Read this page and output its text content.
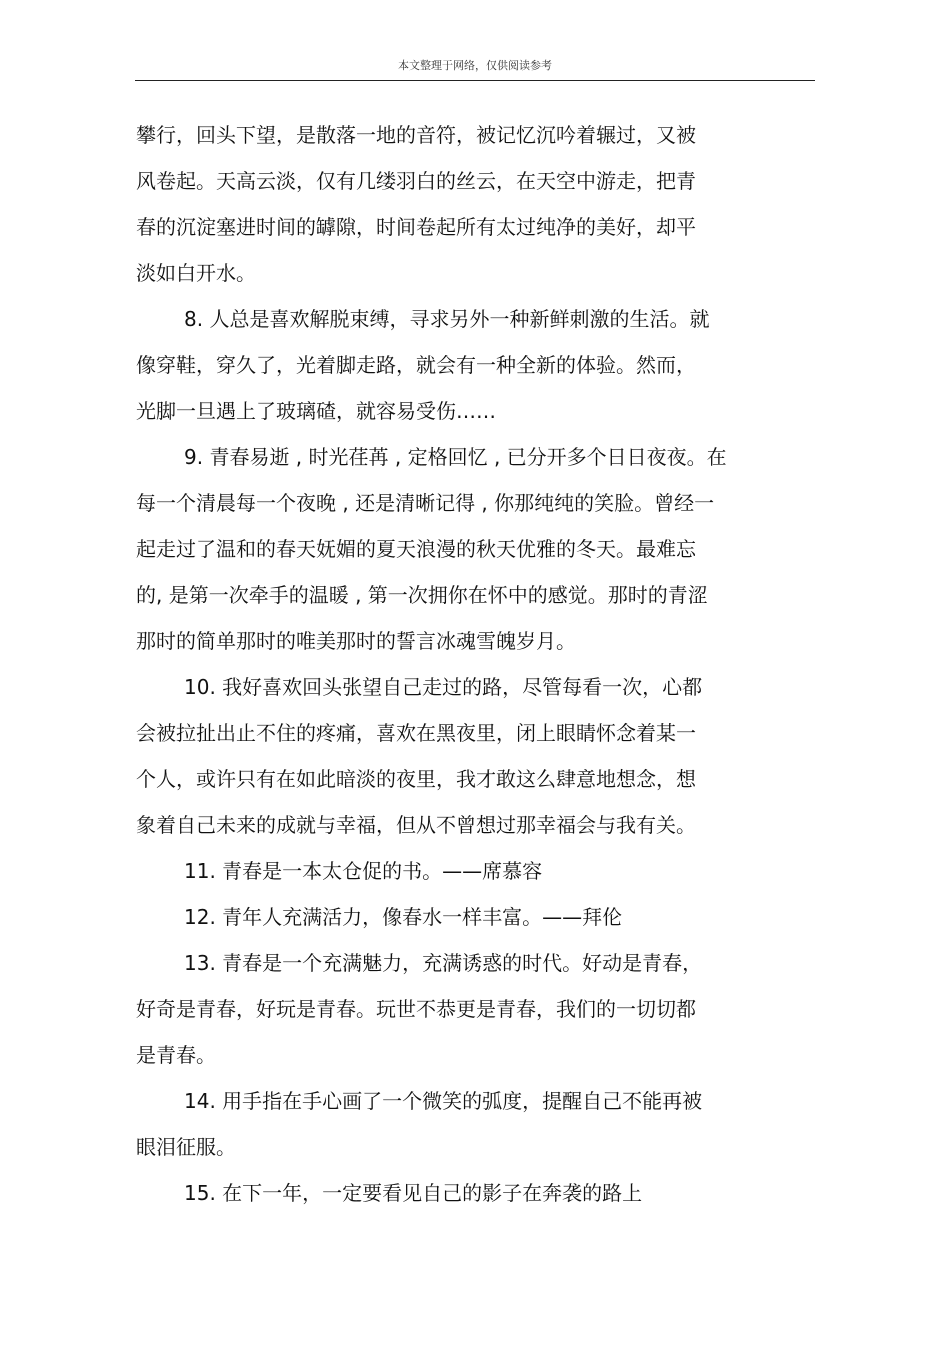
本文整理于网络，仅供阅读参考

攀行，回头下望，是散落一地的音符，被记忆沉吟着辗过，又被

风卷起。天高云淡，仅有几缕羽白的丝云，在天空中游走，把青

春的沉淀塞进时间的罅隙，时间卷起所有太过纯净的美好，却平

淡如白开水。

8. 人总是喜欢解脱束缚，寻求另外一种新鲜刺激的生活。就

像穿鞋，穿久了，光着脚走路，就会有一种全新的体验。然而，

光脚一旦遇上了玻璃碴，就容易受伤……

9. 青春易逝 , 时光荏苒 , 定格回忆 , 已分开多个日日夜夜。在

每一个清晨每一个夜晚 , 还是清晰记得 , 你那纯纯的笑脸。曾经一

起走过了温和的春天妩媚的夏天浪漫的秋天优雅的冬天。最难忘

的, 是第一次牵手的温暖 , 第一次拥你在怀中的感觉。那时的青涩

那时的简单那时的唯美那时的誓言冰魂雪魄岁月。

10. 我好喜欢回头张望自己走过的路，尽管每看一次，心都

会被拉扯出止不住的疼痛，喜欢在黑夜里，闭上眼睛怀念着某一

个人，或许只有在如此暗淡的夜里，我才敢这么肆意地想念，想

象着自己未来的成就与幸福，但从不曾想过那幸福会与我有关。

11. 青春是一本太仓促的书。——席慕容

12. 青年人充满活力，像春水一样丰富。——拜伦

13. 青春是一个充满魅力，充满诱惑的时代。好动是青春，

好奇是青春，好玩是青春。玩世不恭更是青春，我们的一切切都

是青春。

14. 用手指在手心画了一个微笑的弧度，提醒自己不能再被

眼泪征服。

15. 在下一年，一定要看见自己的影子在奔袭的路上
